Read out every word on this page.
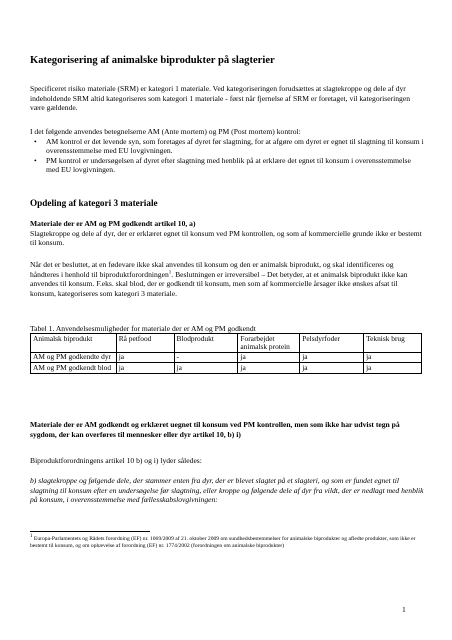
Kategorisering af animalske biprodukter på slagterier

Specificeret risiko materiale (SRM) er kategori 1 materiale. Ved kategoriseringen forudsættes at slagtekroppe og dele af dyr indeholdende SRM altid kategoriseres som kategori 1 materiale - først når fjernelse af SRM er foretaget, vil kategoriseringen være gældende.

I det følgende anvendes betegnelserne AM (Ante mortem) og PM (Post mortem) kontrol:

• AM kontrol er det levende syn, som foretages af dyret før slagtning, for at afgøre om dyret er egnet til slagtning til konsum i overensstemmelse med EU lovgivningen.
• PM kontrol er undersøgelsen af dyret efter slagtning med henblik på at erklære det egnet til konsum i overensstemmelse med EU lovgivningen.
Opdeling af kategori 3 materiale

Materiale der er AM og PM godkendt artikel 10, a)

Slagtekroppe og dele af dyr, der er erklæret egnet til konsum ved PM kontrollen, og som af kommercielle grunde ikke er bestemt til konsum.

Når det er besluttet, at en fødevare ikke skal anvendes til konsum og den er animalsk biprodukt, og skal identificeres og håndteres i henhold til biproduktforordningen$^1$. Beslutningen er irreversibel – Det betyder, at et animalsk biprodukt ikke kan anvendes til konsum. F.eks. skal blod, der er godkendt til konsum, men som af kommercielle årsager ikke ønskes afsat til konsum, kategoriseres som kategori 3 materiale.

Tabel 1. Anvendelsesmuligheder for materiale der er AM og PM godkendt

Animalsk biprodukt	Rå petfood	Blodprodukt	Forarbejdet animalsk protein	Pelsdyrfoder	Teknisk brug
AM og PM godkendte dyr	ja	-	ja	ja	ja
AM og PM godkendt blod	ja	ja	ja	ja	ja

Materiale der er AM godkendt og erklæret uegnet til konsum ved PM kontrollen, men som ikke har udvist tegn på sygdom, der kan overføres til mennesker eller dyr artikel 10, b) i)

Biproduktforordningens artikel 10 b) og i) lyder således:

b) slagtekroppe og følgende dele, der stammer enten fra dyr, der er blevet slagtet på et slagteri, og som er fundet egnet til slagtning til konsum efter en undersøgelse før slagtning, eller kroppe og følgende dele af dyr fra vildt, der er nedlagt med henblik på konsum, i overensstemmelse med fællesskabslovgivningen:

$^1$ Europa-Parlamentets og Rådets forordning (EF) nr. 1069/2009 af 21. oktober 2009 om sundhedsbestemmelser for animalske biprodukter og afledte produkter, som ikke er bestemt til konsum, og om ophævelse af forordning (EF) nr. 1774/2002 (forordningen om animalske biprodukter)
1
